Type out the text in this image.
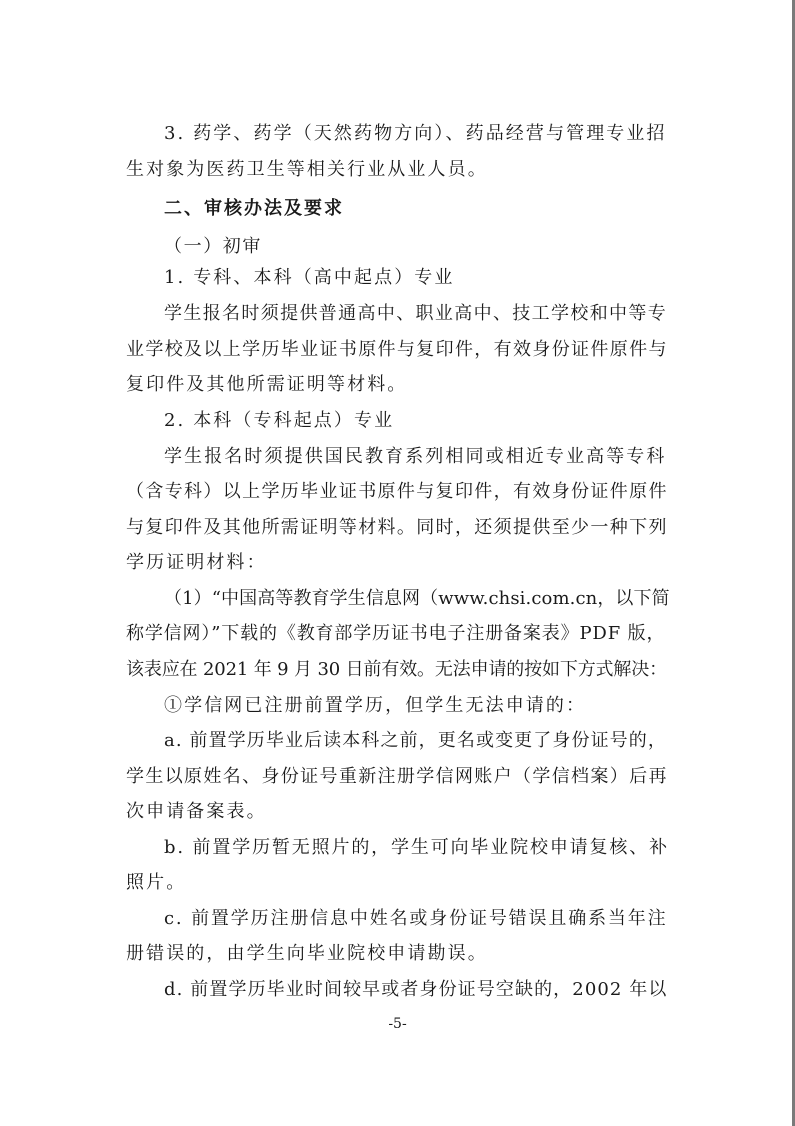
3. 药学、药学（天然药物方向）、药品经营与管理专业招
生对象为医药卫生等相关行业从业人员。
二、审核办法及要求
（一）初审
1. 专科、本科（高中起点）专业
学生报名时须提供普通高中、职业高中、技工学校和中等专
业学校及以上学历毕业证书原件与复印件，有效身份证件原件与
复印件及其他所需证明等材料。
2. 本科（专科起点）专业
学生报名时须提供国民教育系列相同或相近专业高等专科
（含专科）以上学历毕业证书原件与复印件，有效身份证件原件
与复印件及其他所需证明等材料。同时，还须提供至少一种下列
学历证明材料：
（1）“中国高等教育学生信息网（www.chsi.com.cn，以下简
称学信网）”下载的《教育部学历证书电子注册备案表》PDF 版，
该表应在 2021 年 9 月 30 日前有效。无法申请的按如下方式解决：
①学信网已注册前置学历，但学生无法申请的：
a. 前置学历毕业后读本科之前，更名或变更了身份证号的，
学生以原姓名、身份证号重新注册学信网账户（学信档案）后再
次申请备案表。
b. 前置学历暂无照片的，学生可向毕业院校申请复核、补
照片。
c. 前置学历注册信息中姓名或身份证号错误且确系当年注
册错误的，由学生向毕业院校申请勘误。
d. 前置学历毕业时间较早或者身份证号空缺的，2002 年以
-5-
